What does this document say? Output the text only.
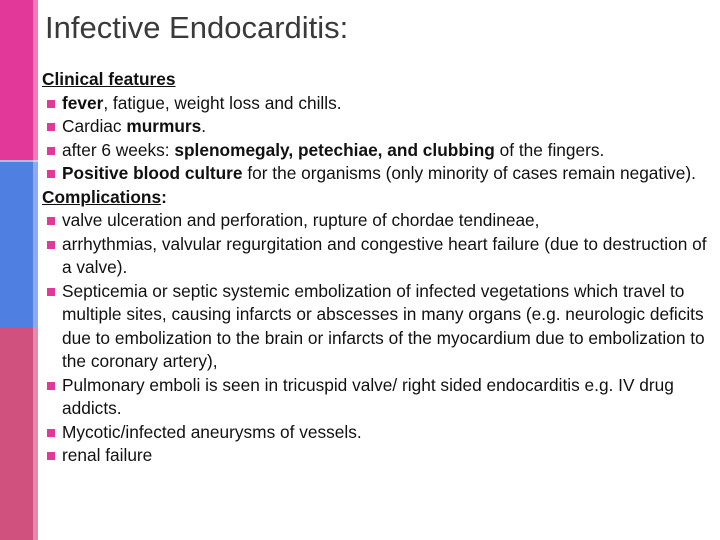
Infective Endocarditis:
Clinical features
fever, fatigue, weight loss and chills.
Cardiac murmurs.
after 6 weeks: splenomegaly, petechiae, and clubbing of the fingers.
Positive blood culture for the organisms (only minority of cases remain negative).
Complications:
valve ulceration and perforation, rupture of chordae tendineae,
arrhythmias, valvular regurgitation and congestive heart failure (due to destruction of a valve).
Septicemia or septic systemic embolization of infected vegetations which travel to multiple sites, causing infarcts or abscesses in many organs (e.g. neurologic deficits due to embolization to the brain or infarcts of the myocardium due to embolization to the coronary artery),
Pulmonary emboli is seen in tricuspid valve/ right sided endocarditis e.g. IV drug addicts.
Mycotic/infected aneurysms of vessels.
renal failure
